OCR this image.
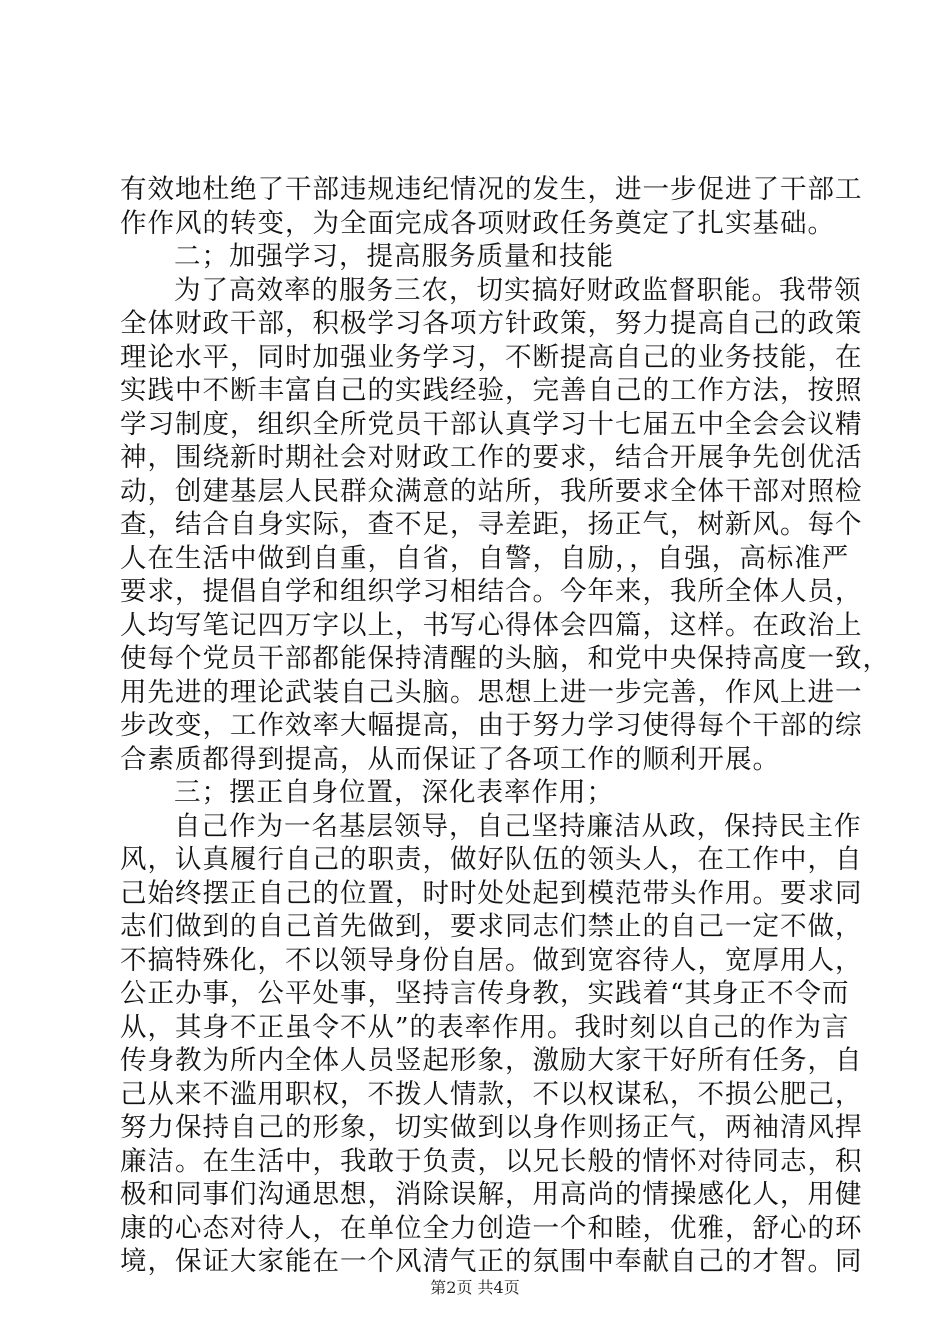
有效地杜绝了干部违规违纪情况的发生，进一步促进了干部工
作作风的转变，为全面完成各项财政任务奠定了扎实基础。
二；加强学习，提高服务质量和技能
为了高效率的服务三农，切实搞好财政监督职能。我带领
全体财政干部，积极学习各项方针政策，努力提高自己的政策
理论水平，同时加强业务学习，不断提高自己的业务技能，在
实践中不断丰富自己的实践经验，完善自己的工作方法，按照
学习制度，组织全所党员干部认真学习十七届五中全会会议精
神，围绕新时期社会对财政工作的要求，结合开展争先创优活
动，创建基层人民群众满意的站所，我所要求全体干部对照检
查，结合自身实际，查不足，寻差距，扬正气，树新风。每个
人在生活中做到自重，自省，自警，自励，，自强，高标准严
要求，提倡自学和组织学习相结合。今年来，我所全体人员，
人均写笔记四万字以上，书写心得体会四篇，这样。在政治上
使每个党员干部都能保持清醒的头脑，和党中央保持高度一致，
用先进的理论武装自己头脑。思想上进一步完善，作风上进一
步改变，工作效率大幅提高，由于努力学习使得每个干部的综
合素质都得到提高，从而保证了各项工作的顺利开展。
三；摆正自身位置，深化表率作用；
自己作为一名基层领导，自己坚持廉洁从政，保持民主作
风，认真履行自己的职责，做好队伍的领头人，在工作中，自
己始终摆正自己的位置，时时处处起到模范带头作用。要求同
志们做到的自己首先做到，要求同志们禁止的自己一定不做，
不搞特殊化，不以领导身份自居。做到宽容待人，宽厚用人，
公正办事，公平处事，坚持言传身教，实践着“其身正不令而
从，其身不正虽令不从”的表率作用。我时刻以自己的作为言
传身教为所内全体人员竖起形象，激励大家干好所有任务，自
己从来不滥用职权，不拨人情款，不以权谋私，不损公肥己，
努力保持自己的形象，切实做到以身作则扬正气，两袖清风捍
廉洁。在生活中，我敢于负责，以兄长般的情怀对待同志，积
极和同事们沟通思想，消除误解，用高尚的情操感化人，用健
康的心态对待人，在单位全力创造一个和睦，优雅，舒心的环
境，保证大家能在一个风清气正的氛围中奉献自己的才智。同
第2页 共4页
